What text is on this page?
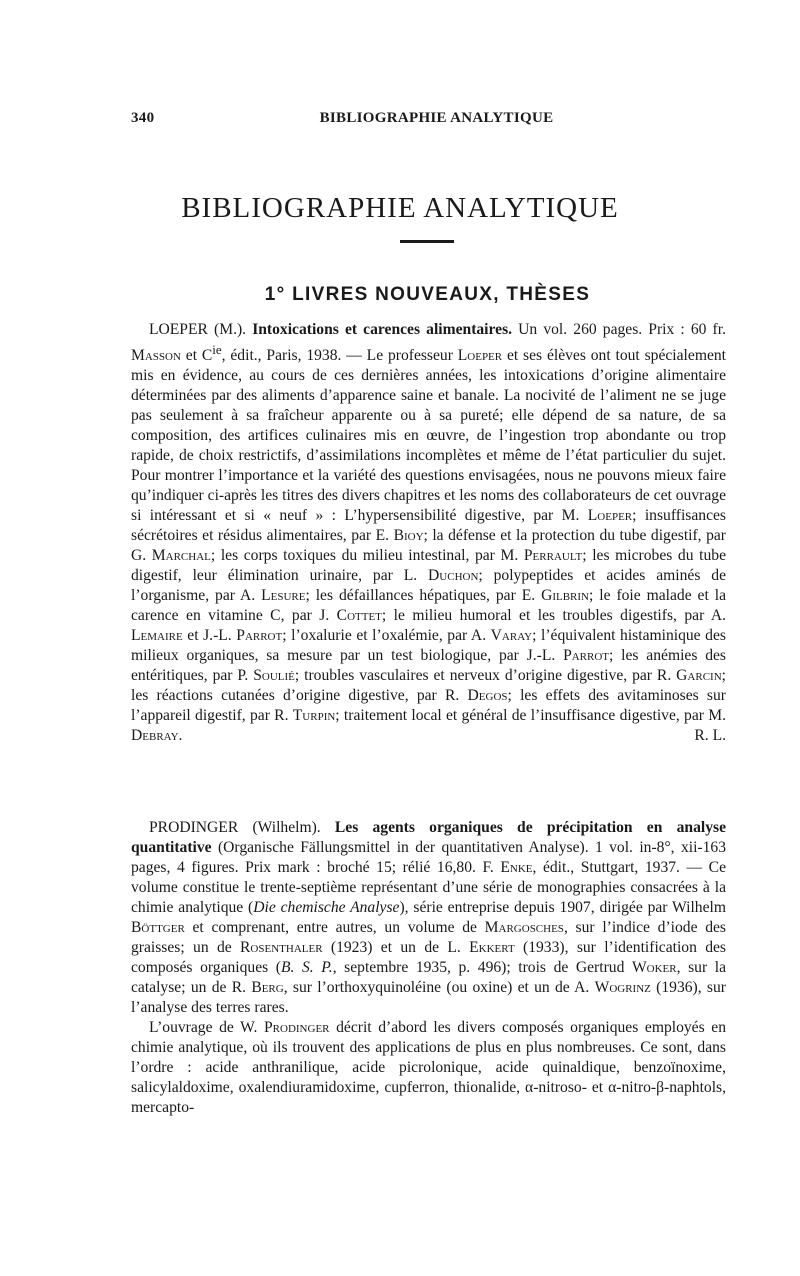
340	BIBLIOGRAPHIE ANALYTIQUE
BIBLIOGRAPHIE ANALYTIQUE
1° LIVRES NOUVEAUX, THÈSES

LOEPER (M.). Intoxications et carences alimentaires. Un vol. 260 pages. Prix : 60 fr. Masson et $C^{ie}$, édit., Paris, 1938. — Le professeur Loeper et ses élèves ont tout spécialement mis en évidence, au cours de ces dernières années, les intoxications d’origine alimentaire déterminées par des aliments d’apparence saine et banale. La nocivité de l’aliment ne se juge pas seulement à sa fraîcheur apparente ou à sa pureté; elle dépend de sa nature, de sa composition, des artifices culinaires mis en œuvre, de l’ingestion trop abondante ou trop rapide, de choix restrictifs, d’assimilations incomplètes et même de l’état particulier du sujet. Pour montrer l’importance et la variété des questions envisagées, nous ne pouvons mieux faire qu’indiquer ci-après les titres des divers chapitres et les noms des collaborateurs de cet ouvrage si intéressant et si « neuf » : L’hypersensibilité digestive, par M. Loeper; insuffisances sécrétoires et résidus alimentaires, par E. Bioy; la défense et la protection du tube digestif, par G. Marchal; les corps toxiques du milieu intestinal, par M. Perrault; les microbes du tube digestif, leur élimination urinaire, par L. Duchon; polypeptides et acides aminés de l’organisme, par A. Lesure; les défaillances hépatiques, par E. Gilbrin; le foie malade et la carence en vitamine C, par J. Cottet; le milieu humoral et les troubles digestifs, par A. Lemaire et J.-L. Parrot; l’oxalurie et l’oxalémie, par A. Varay; l’équivalent histaminique des milieux organiques, sa mesure par un test biologique, par J.-L. Parrot; les anémies des entéritiques, par P. Soulié; troubles vasculaires et nerveux d’origine digestive, par R. Garcin; les réactions cutanées d’origine digestive, par R. Degos; les effets des avitaminoses sur l’appareil digestif, par R. Turpin; traitement local et général de l’insuffisance digestive, par M. Debray.	R. L.

PRODINGER (Wilhelm). Les agents organiques de précipitation en analyse quantitative (Organische Fällungsmittel in der quantitativen Analyse). 1 vol. in-8°, xii-163 pages, 4 figures. Prix mark : broché 15; rélié 16,80. F. Enke, édit., Stuttgart, 1937. — Ce volume constitue le trente-septième représentant d’une série de monographies consacrées à la chimie analytique (Die chemische Analyse), série entreprise depuis 1907, dirigée par Wilhelm Böttger et comprenant, entre autres, un volume de Margosches, sur l’indice d’iode des graisses; un de Rosenthaler (1923) et un de L. Ekkert (1933), sur l’identification des composés organiques (B. S. P., septembre 1935, p. 496); trois de Gertrud Woker, sur la catalyse; un de R. Berg, sur l’orthoxyquinoléine (ou oxine) et un de A. Wogrinz (1936), sur l’analyse des terres rares.

L’ouvrage de W. Prodinger décrit d’abord les divers composés organiques employés en chimie analytique, où ils trouvent des applications de plus en plus nombreuses. Ce sont, dans l’ordre : acide anthranilique, acide picrolonique, acide quinaldique, benzoïnoxime, salicylaldoxime, oxalendiuramidoxime, cupferron, thionalide, α-nitroso- et α-nitro-β-naphtols, mercapto-
